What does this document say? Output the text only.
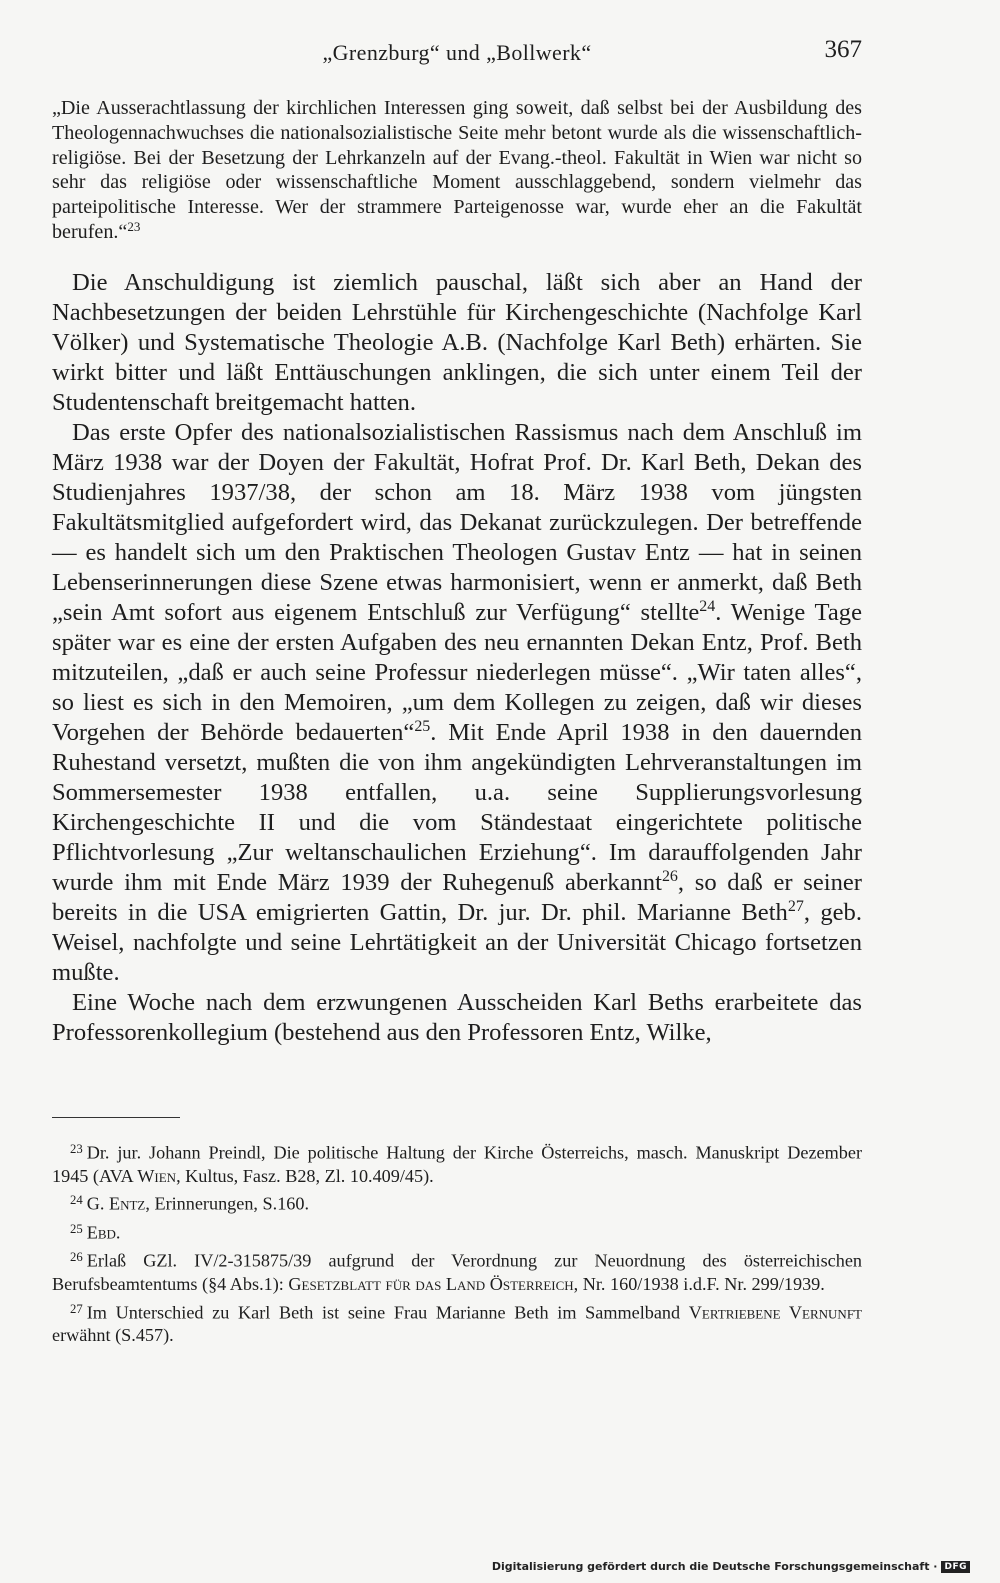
„Grenzburg“ und „Bollwerk“	367
„Die Ausserachtlassung der kirchlichen Interessen ging soweit, daß selbst bei der Ausbildung des Theologennachwuchses die nationalsozialistische Seite mehr betont wurde als die wissenschaftlich-religiöse. Bei der Besetzung der Lehrkanzeln auf der Evang.-theol. Fakultät in Wien war nicht so sehr das religiöse oder wissenschaftliche Moment ausschlaggebend, sondern vielmehr das parteipolitische Interesse. Wer der strammere Parteigenosse war, wurde eher an die Fakultät berufen.“$^{23}$

Die Anschuldigung ist ziemlich pauschal, läßt sich aber an Hand der Nachbesetzungen der beiden Lehrstühle für Kirchengeschichte (Nachfolge Karl Völker) und Systematische Theologie A.B. (Nachfolge Karl Beth) erhärten. Sie wirkt bitter und läßt Enttäuschungen anklingen, die sich unter einem Teil der Studentenschaft breitgemacht hatten.

Das erste Opfer des nationalsozialistischen Rassismus nach dem Anschluß im März 1938 war der Doyen der Fakultät, Hofrat Prof. Dr. Karl Beth, Dekan des Studienjahres 1937/38, der schon am 18. März 1938 vom jüngsten Fakultätsmitglied aufgefordert wird, das Dekanat zurückzulegen. Der betreffende — es handelt sich um den Praktischen Theologen Gustav Entz — hat in seinen Lebenserinnerungen diese Szene etwas harmonisiert, wenn er anmerkt, daß Beth „sein Amt sofort aus eigenem Entschluß zur Verfügung“ stellte$^{24}$. Wenige Tage später war es eine der ersten Aufgaben des neu ernannten Dekan Entz, Prof. Beth mitzuteilen, „daß er auch seine Professur niederlegen müsse“. „Wir taten alles“, so liest es sich in den Memoiren, „um dem Kollegen zu zeigen, daß wir dieses Vorgehen der Behörde bedauerten“$^{25}$. Mit Ende April 1938 in den dauernden Ruhestand versetzt, mußten die von ihm angekündigten Lehrveranstaltungen im Sommersemester 1938 entfallen, u.a. seine Supplierungsvorlesung Kirchengeschichte II und die vom Ständestaat eingerichtete politische Pflichtvorlesung „Zur weltanschaulichen Erziehung“. Im darauffolgenden Jahr wurde ihm mit Ende März 1939 der Ruhegenuß aberkannt$^{26}$, so daß er seiner bereits in die USA emigrierten Gattin, Dr. jur. Dr. phil. Marianne Beth$^{27}$, geb. Weisel, nachfolgte und seine Lehrtätigkeit an der Universität Chicago fortsetzen mußte.

Eine Woche nach dem erzwungenen Ausscheiden Karl Beths erarbeitete das Professorenkollegium (bestehend aus den Professoren Entz, Wilke,

$^{23}$ Dr. jur. Johann Preindl, Die politische Haltung der Kirche Österreichs, masch. Manuskript Dezember 1945 (AVA Wien, Kultus, Fasz. B28, Zl. 10.409/45).

$^{24}$ G. Entz, Erinnerungen, S.160.

$^{25}$ Ebd.

$^{26}$ Erlaß GZl. IV/2-315875/39 aufgrund der Verordnung zur Neuordnung des österreichischen Berufsbeamtentums (§4 Abs.1): Gesetzblatt für das Land Österreich, Nr. 160/1938 i.d.F. Nr. 299/1939.

$^{27}$ Im Unterschied zu Karl Beth ist seine Frau Marianne Beth im Sammelband Vertriebene Vernunft erwähnt (S.457).

Digitalisierung gefördert durch die Deutsche Forschungsgemeinschaft · DFG
